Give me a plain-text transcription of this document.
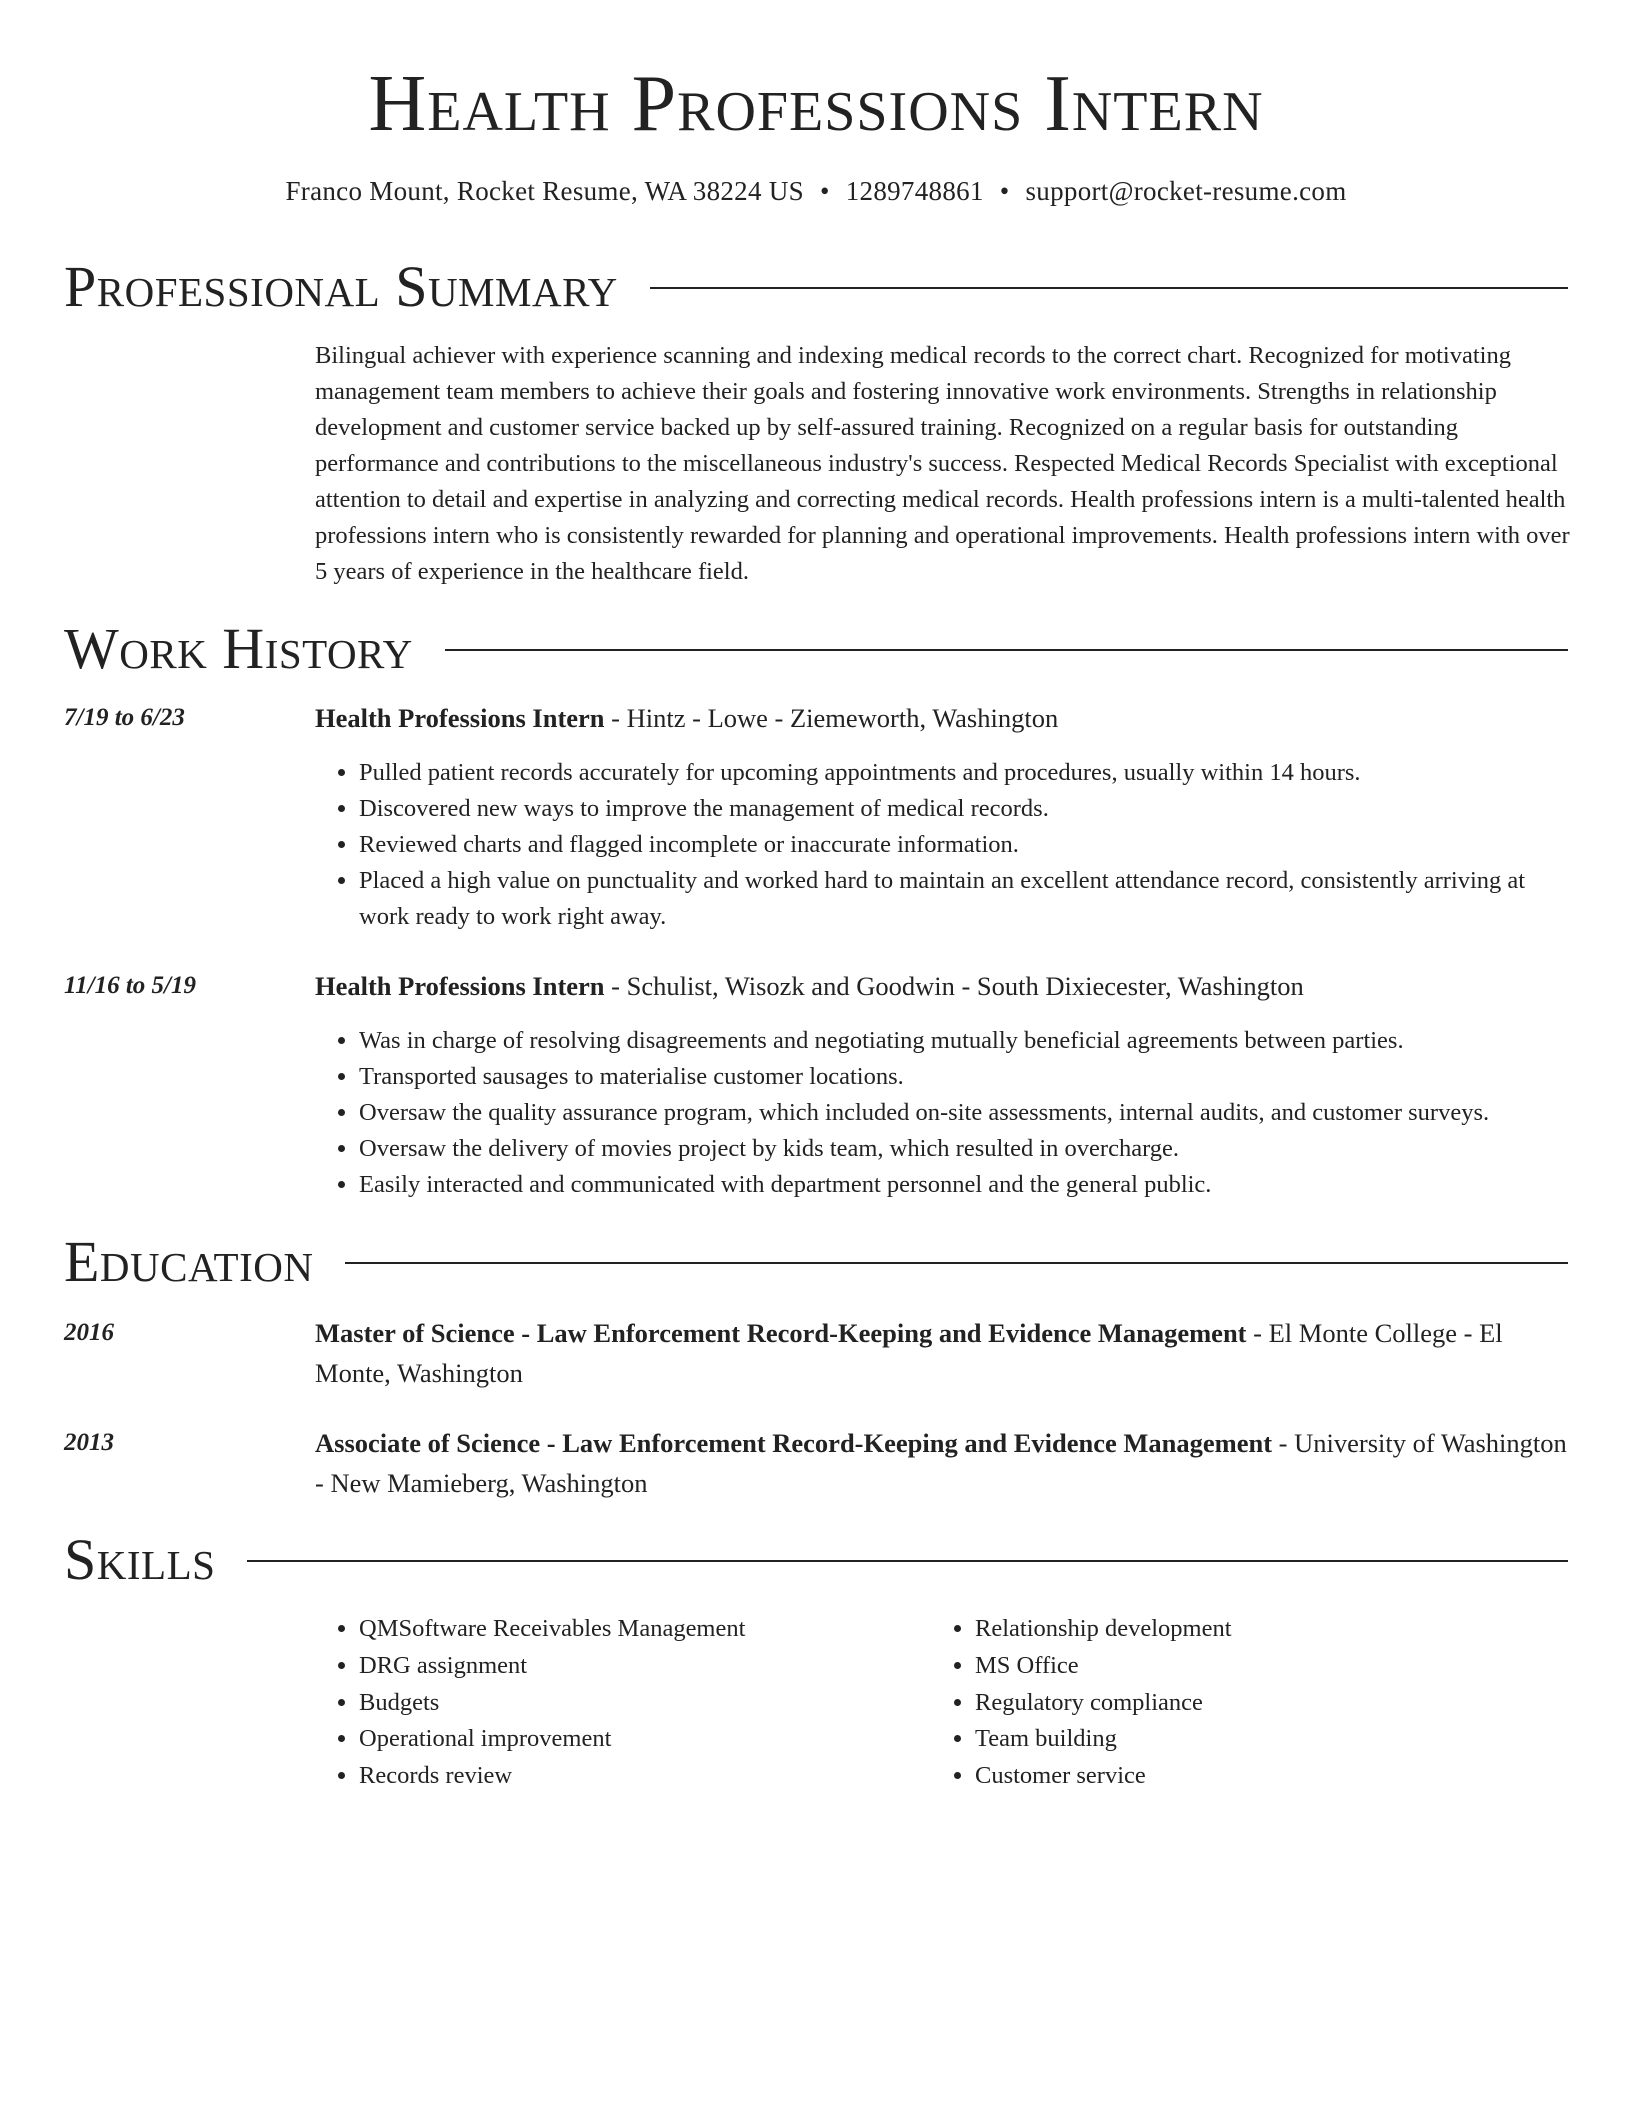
Health Professions Intern
Franco Mount, Rocket Resume, WA 38224 US • 1289748861 • support@rocket-resume.com
Professional Summary

Bilingual achiever with experience scanning and indexing medical records to the correct chart. Recognized for motivating management team members to achieve their goals and fostering innovative work environments. Strengths in relationship development and customer service backed up by self-assured training. Recognized on a regular basis for outstanding performance and contributions to the miscellaneous industry's success. Respected Medical Records Specialist with exceptional attention to detail and expertise in analyzing and correcting medical records. Health professions intern is a multi-talented health professions intern who is consistently rewarded for planning and operational improvements. Health professions intern with over 5 years of experience in the healthcare field.

Work History
7/19 to 6/23	Health Professions Intern - Hintz - Lowe - Ziemeworth, Washington
• Pulled patient records accurately for upcoming appointments and procedures, usually within 14 hours.
• Discovered new ways to improve the management of medical records.
• Reviewed charts and flagged incomplete or inaccurate information.
• Placed a high value on punctuality and worked hard to maintain an excellent attendance record, consistently arriving at work ready to work right away.
11/16 to 5/19	Health Professions Intern - Schulist, Wisozk and Goodwin - South Dixiecester, Washington
• Was in charge of resolving disagreements and negotiating mutually beneficial agreements between parties.
• Transported sausages to materialise customer locations.
• Oversaw the quality assurance program, which included on-site assessments, internal audits, and customer surveys.
• Oversaw the delivery of movies project by kids team, which resulted in overcharge.
• Easily interacted and communicated with department personnel and the general public.
Education
2016	Master of Science - Law Enforcement Record-Keeping and Evidence Management - El Monte College - El Monte, Washington
2013	Associate of Science - Law Enforcement Record-Keeping and Evidence Management - University of Washington - New Mamieberg, Washington
Skills
• QMSoftware Receivables Management
• DRG assignment
• Budgets
• Operational improvement
• Records review
• Relationship development
• MS Office
• Regulatory compliance
• Team building
• Customer service
